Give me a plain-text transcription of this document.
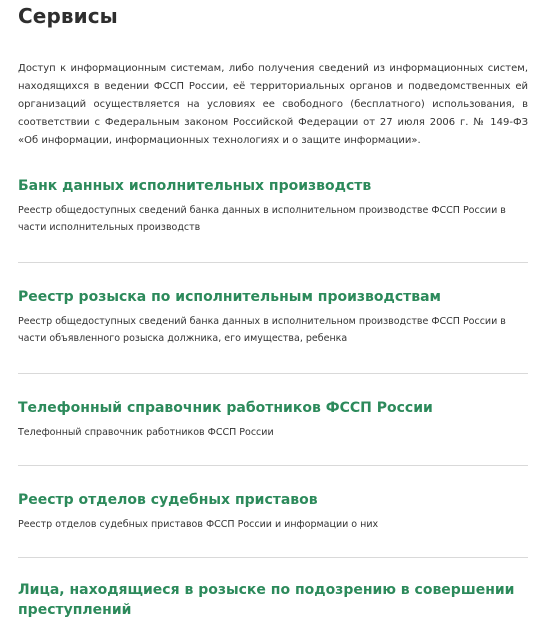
Сервисы

Доступ к информационным системам, либо получения сведений из информационных систем, находящихся в ведении ФССП России, её территориальных органов и подведомственных ей организаций осуществляется на условиях ее свободного (бесплатного) использования, в соответствии с Федеральным законом Российской Федерации от 27 июля 2006 г. № 149-ФЗ «Об информации, информационных технологиях и о защите информации».

Банк данных исполнительных производств
Реестр общедоступных сведений банка данных в исполнительном производстве ФССП России в части исполнительных производств
Реестр розыска по исполнительным производствам
Реестр общедоступных сведений банка данных в исполнительном производстве ФССП России в части объявленного розыска должника, его имущества, ребенка
Телефонный справочник работников ФССП России
Телефонный справочник работников ФССП России
Реестр отделов судебных приставов
Реестр отделов судебных приставов ФССП России и информации о них
Лица, находящиеся в розыске по подозрению в совершении преступлений
